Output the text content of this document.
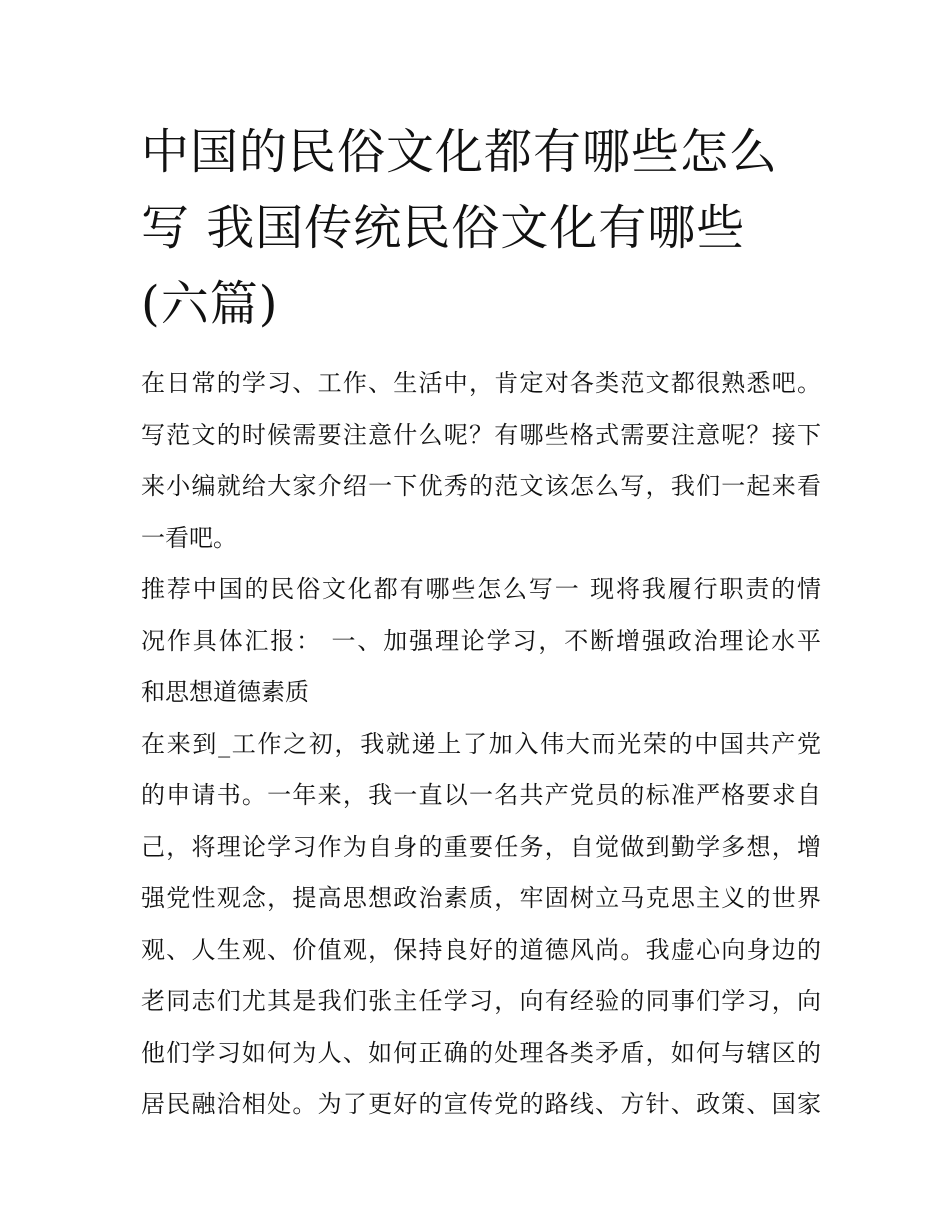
中国的民俗文化都有哪些怎么
写 我国传统民俗文化有哪些
(六篇)
在日常的学习、工作、生活中，肯定对各类范文都很熟悉吧。
写范文的时候需要注意什么呢？有哪些格式需要注意呢？接下
来小编就给大家介绍一下优秀的范文该怎么写，我们一起来看
一看吧。
推荐中国的民俗文化都有哪些怎么写一 现将我履行职责的情
况作具体汇报： 一、加强理论学习，不断增强政治理论水平
和思想道德素质
在来到_工作之初，我就递上了加入伟大而光荣的中国共产党
的申请书。一年来，我一直以一名共产党员的标准严格要求自
己，将理论学习作为自身的重要任务，自觉做到勤学多想，增
强党性观念，提高思想政治素质，牢固树立马克思主义的世界
观、人生观、价值观，保持良好的道德风尚。我虚心向身边的
老同志们尤其是我们张主任学习，向有经验的同事们学习，向
他们学习如何为人、如何正确的处理各类矛盾，如何与辖区的
居民融洽相处。为了更好的宣传党的路线、方针、政策、国家
